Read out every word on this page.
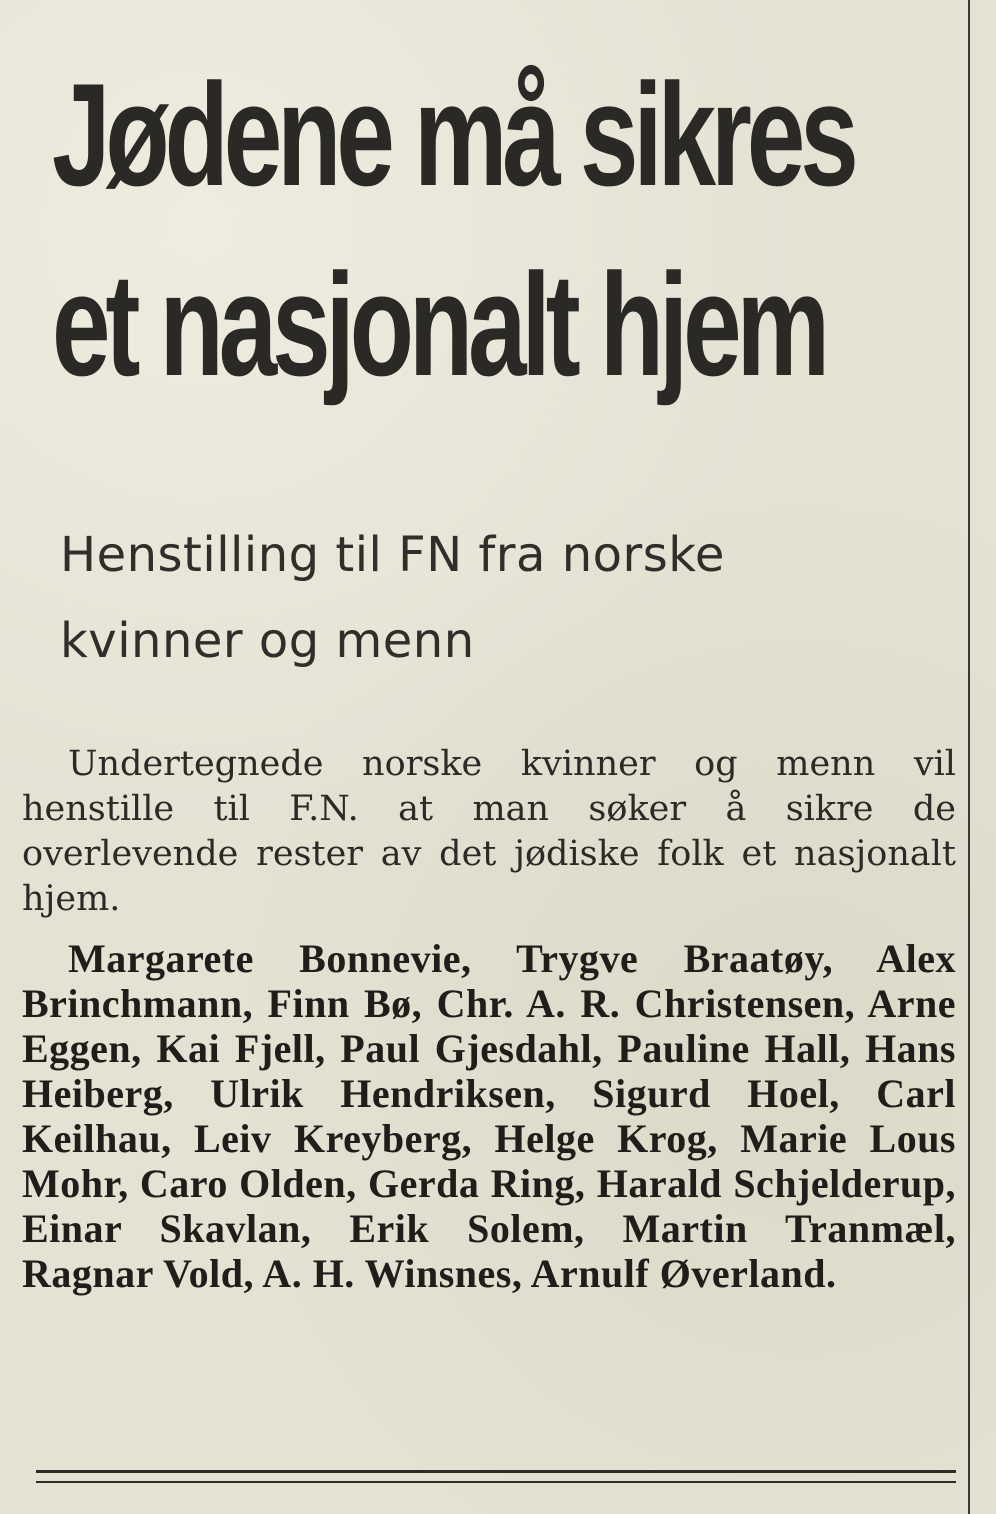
Jødene må sikres
et nasjonalt hjem
Henstilling til FN fra norske
kvinner og menn

Undertegnede norske kvinner og menn vil henstille til F.N. at man søker å sikre de overlevende rester av det jødiske folk et nasjonalt hjem.

Margarete Bonnevie, Trygve Braatøy, Alex Brinchmann, Finn Bø, Chr. A. R. Christensen, Arne Eggen, Kai Fjell, Paul Gjesdahl, Pauline Hall, Hans Heiberg, Ulrik Hendriksen, Sigurd Hoel, Carl Keilhau, Leiv Kreyberg, Helge Krog, Marie Lous Mohr, Caro Olden, Gerda Ring, Harald Schjelderup, Einar Skavlan, Erik Solem, Martin Tranmæl, Ragnar Vold, A. H. Winsnes, Arnulf Øverland.
